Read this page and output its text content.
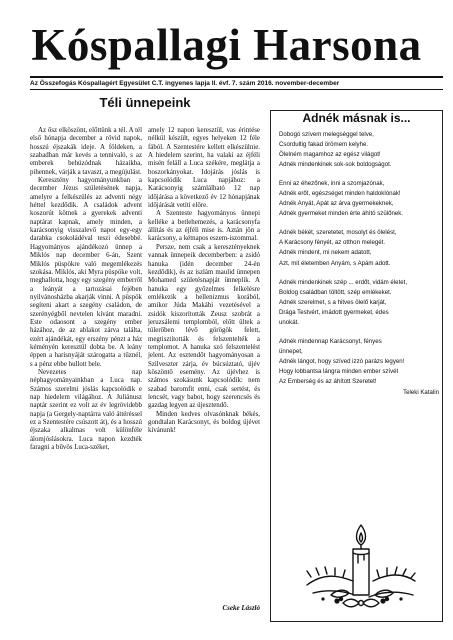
Kóspallagi Harsona
Az Összefogás Kóspallagért Egyesület C.T. ingyenes lapja II. évf. 7. szám 2016. november-december
Téli ünnepeink

Az ősz elköszönt, előttünk a tél. A tél első hónapja december a rövid napok, hosszú éjszakák ideje. A földeken, a szabadban már kevés a tennivaló, s az emberek behúzódnak házaikba, pihennek, várják a tavaszt, a megújulást.

Keresztény hagyományunkban a december Jézus születésének napja, amelyre a felkészülés az adventi négy héttel kezdődik. A családok advent koszorút kötnek a gyerekek adventi naptárat kapnak, amely minden, a karácsonyig visszalevő napot egy-egy darabka csokoládéval teszi édesebbé. Hagyományos ajándékozó ünnep a Miklós nap december 6-án, Szent Miklós püspökre való megemlékezés szokása. Miklós, aki Myra püspöke volt, meghallotta, hogy egy szegény emberről a leányát a tartozásai fejében nyilvánosházba akarják vinni. A püspök segíteni akart a szegény családon, de szerényégből nevtelen kívánt maradni. Este odaosont a szegény ember házához, de az ablakot zárva találta, ezért ajándékát, egy erszény pénzt a ház kéményén keresztül dobta be. A leány éppen a harisnyáját szárogatta a tűznél, s a pénz ebbe hullott bele.

Nevezetes nap néphagyományainkban a Luca nap. Számos szerelmi jóslás kapcsolódik e nap hiedelem világához. A Juliánusz naptár szerint ez volt az év legrövidebb napja (a Gergely-naptárra való áttéréssel ez a Szentestére csúszott át), és a hosszú éjszaka alkalmas volt különféle álomjóslásokra. Luca napon kezdték faragni a bűvös Luca-széket,

amely 12 napon keresztül, vas érintése nélkül készült, egyes helyeken 12 féle fából. A Szentestére kellett elkészülnie. A hiedelem szerint, ha valaki az éjféli misén feláll a Luca székére, meglátja a boszorkányokat. Idojárás jóslás is kapcsolódik Luca napjához: a Karácsonyig számlálható 12 nap időjárása a következő év 12 hónapjának időjárását vetíti előre.

A Szenteste hagyományos ünnepi kelléke a betlehemezés, a karácsonyfa állítás és az éjféli mise is. Aztán jön a karácsony, a kétnapos eszem-iszommal.

Persze, nem csak a keresztényeknek vannak ünnepeik decemberben: a zsidó hanuka (idén december 24-én kezdődik), és az iszlám maulid ünnepen Mohamed születésnapját ünneplik. A hanuka egy győzelmes felkelésre emlékezik a hellenizmus korából, amikor Júda Makábi vezetésével a zsidók kiszorították Zeusz szobrát a jeruzsálemi templomból, előtt ültek a túlerőben lévő görögök felett, megtisztították és felszentelték a templomot. A hanuka szó felszentelést jelent. Az esztendőt hagyományosan a Szilveszter zárja, év búcsúztató, újév köszöntő esemény. Az újévhez is számos szokásunk kapcsolódik: nem szabad baromfit enni, csak sertést, és lencsét, vagy babot, hogy szerencsés és gazdag legyen az újesztendő.

Minden kedves olvasónknak békés, gondtalan Karácsonyt, és boldog újévet kívánunk!

Cseke László
Adnék másnak is...
Dobogó szívem melegséggel telve,
Csordultig fakad örömem kelyhe.
Ölelném magamhoz az egész világot!
Adnék mindenkinek sok-sok boldogságot.
Enni az éhezőnek, inni a szomjazónak,
Adnék erőt, egészséget minden haldoklónak!
Adnék Anyát, Apát az árva gyermekeknek,
Adnék gyermeket minden érte áhító szülőnek.
Adnék békét, szeretetet, mosolyt és ölelést,
A Karácsony fényét, az otthon melegét.
Adnék mindent, mi nekem adatott,
Azt, mit életemben Anyám, s Apám adott.
Adnék mindenkinek szép ... erdőt, vidám életet,
Boldog családban töltött, szép emlékeket.
Adnék szerelmet, s a hitves ölelő karját,
Drága Testvért, imádott gyermeket, édes
unokát.
Adnék mindennap Karácsonyt, fényes
ünnepet,
Adnék lángot, hogy szíved izzó parázs legyen!
Hogy lobbantsa lángra minden ember szívét
Az Emberség és az áhított Szeretet!
Teleki Katalin
